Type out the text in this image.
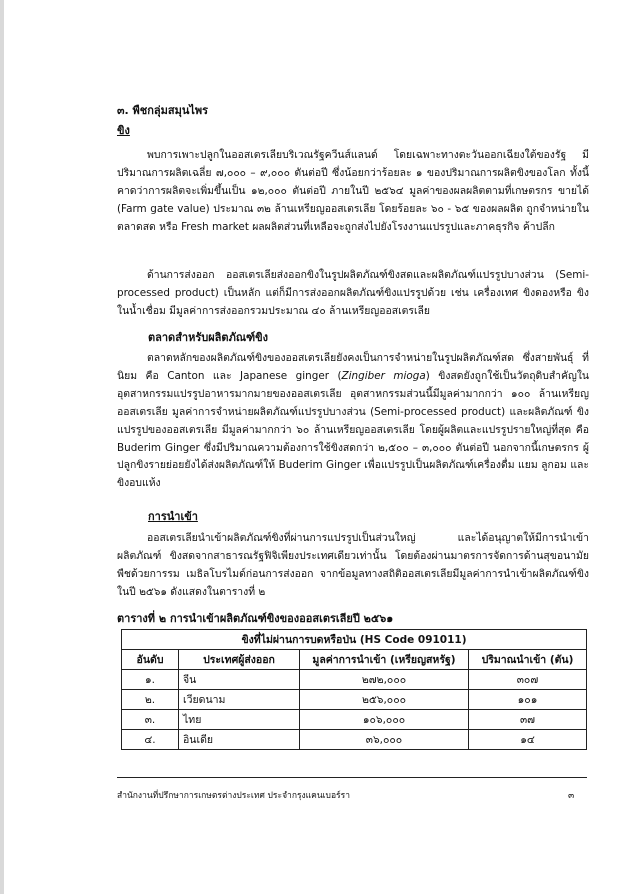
๓. พืชกลุ่มสมุนไพร
ขิง

พบการเพาะปลูกในออสเตรเลียบริเวณรัฐควีนส์แลนด์ โดยเฉพาะทางตะวันออกเฉียงใต้ของรัฐ มีปริมาณการผลิตเฉลี่ย ๗,๐๐๐ – ๙,๐๐๐ ตันต่อปี ซึ่งน้อยกว่าร้อยละ ๑ ของปริมาณการผลิตขิงของโลก ทั้งนี้ คาดว่าการผลิตจะเพิ่มขึ้นเป็น ๑๒,๐๐๐ ตันต่อปี ภายในปี ๒๕๖๔ มูลค่าของผลผลิตตามที่เกษตรกร ขายได้ (Farm gate value) ประมาณ ๓๒ ล้านเหรียญออสเตรเลีย โดยร้อยละ ๖๐ - ๖๕ ของผลผลิต ถูกจำหน่ายในตลาดสด หรือ Fresh market ผลผลิตส่วนที่เหลือจะถูกส่งไปยังโรงงานแปรรูปและภาคธุรกิจ ค้าปลีก

ด้านการส่งออก ออสเตรเลียส่งออกขิงในรูปผลิตภัณฑ์ขิงสดและผลิตภัณฑ์แปรรูปบางส่วน (Semi-processed product) เป็นหลัก แต่ก็มีการส่งออกผลิตภัณฑ์ขิงแปรรูปด้วย เช่น เครื่องเทศ ขิงดองหรือ ขิงในน้ำเชื่อม มีมูลค่าการส่งออกรวมประมาณ ๔๐ ล้านเหรียญออสเตรเลีย

ตลาดสำหรับผลิตภัณฑ์ขิง

ตลาดหลักของผลิตภัณฑ์ขิงของออสเตรเลียยังคงเป็นการจำหน่ายในรูปผลิตภัณฑ์สด ซึ่งสายพันธุ์ ที่นิยม คือ Canton และ Japanese ginger (Zingiber mioga) ขิงสดยังถูกใช้เป็นวัตถุดิบสำคัญใน อุตสาหกรรมแปรรูปอาหารมากมายของออสเตรเลีย อุตสาหกรรมส่วนนี้มีมูลค่ามากกว่า ๑๐๐ ล้านเหรียญ ออสเตรเลีย มูลค่าการจำหน่ายผลิตภัณฑ์แปรรูปบางส่วน (Semi-processed product) และผลิตภัณฑ์ ขิงแปรรูปของออสเตรเลีย มีมูลค่ามากกว่า ๖๐ ล้านเหรียญออสเตรเลีย โดยผู้ผลิตและแปรรูปรายใหญ่ที่สุด คือ Buderim Ginger ซึ่งมีปริมาณความต้องการใช้ขิงสดกว่า ๒,๕๐๐ – ๓,๐๐๐ ตันต่อปี นอกจากนี้เกษตรกร ผู้ปลูกขิงรายย่อยยังได้ส่งผลิตภัณฑ์ให้ Buderim Ginger เพื่อแปรรูปเป็นผลิตภัณฑ์เครื่องดื่ม แยม ลูกอม และ ขิงอบแห้ง

การนำเข้า

ออสเตรเลียนำเข้าผลิตภัณฑ์ขิงที่ผ่านการแปรรูปเป็นส่วนใหญ่ และได้อนุญาตให้มีการนำเข้าผลิตภัณฑ์ ขิงสดจากสาธารณรัฐฟิจิเพียงประเทศเดียวเท่านั้น โดยต้องผ่านมาตรการจัดการด้านสุขอนามัยพืชด้วยการรม เมธิลโบรไมด์ก่อนการส่งออก จากข้อมูลทางสถิติออสเตรเลียมีมูลค่าการนำเข้าผลิตภัณฑ์ขิงในปี ๒๕๖๑ ดังแสดงในตารางที่ ๒

ตารางที่ ๒ การนำเข้าผลิตภัณฑ์ขิงของออสเตรเลียปี ๒๕๖๑
ขิงที่ไม่ผ่านการบดหรือป่น (HS Code 091011)			
อันดับ	ประเทศผู้ส่งออก	มูลค่าการนำเข้า (เหรียญสหรัฐ)	ปริมาณนำเข้า (ตัน)
๑.	จีน	๒๗๒,๐๐๐	๓๐๗
๒.	เวียดนาม	๒๕๖,๐๐๐	๑๐๑
๓.	ไทย	๑๐๖,๐๐๐	๓๗
๔.	อินเดีย	๓๖,๐๐๐	๑๔
สำนักงานที่ปรึกษาการเกษตรต่างประเทศ ประจำกรุงแคนเบอร์รา	๓
